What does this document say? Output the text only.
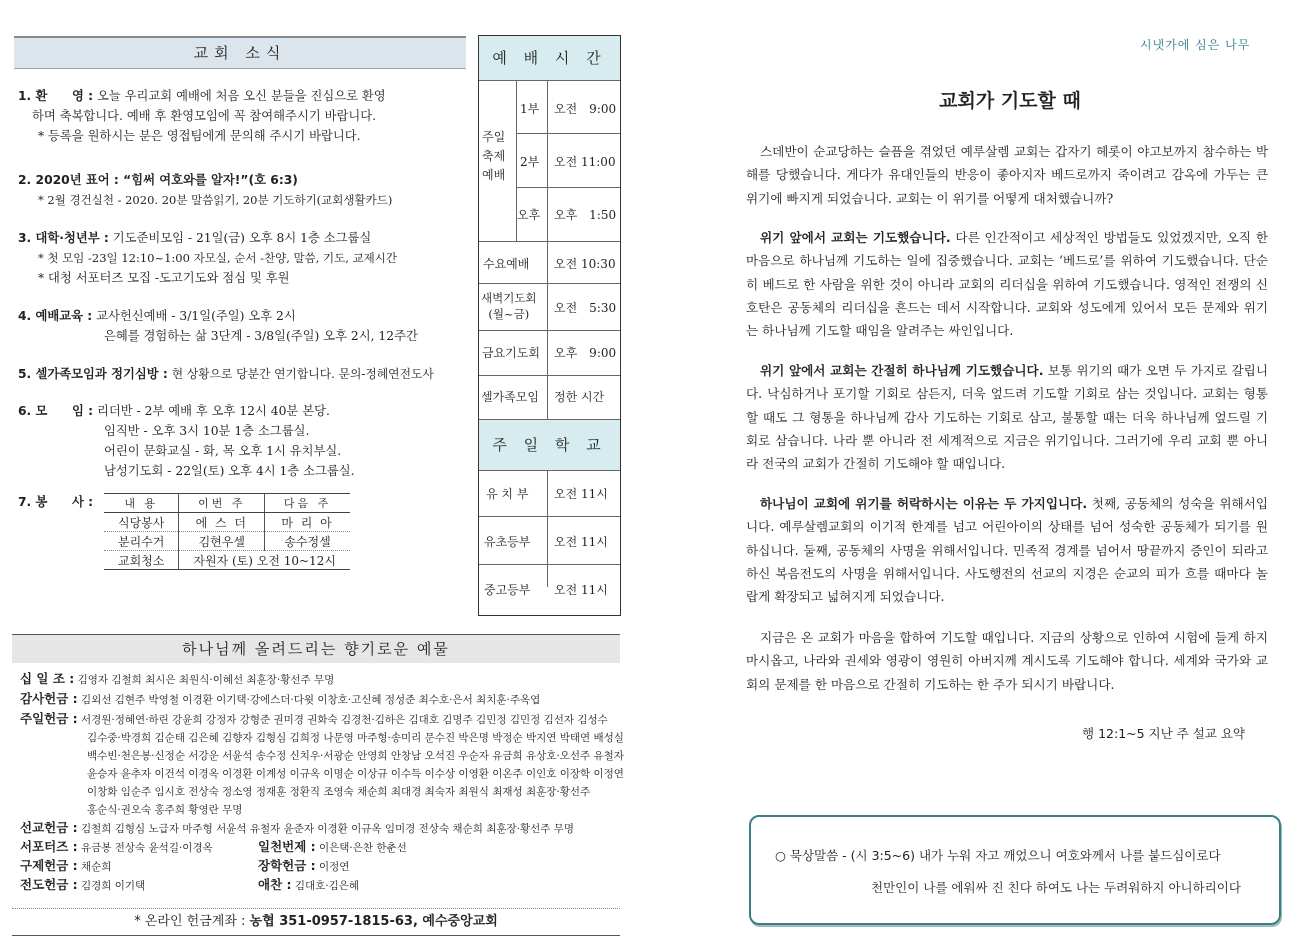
교회 소식
1. 환　　영 : 오늘 우리교회 예배에 처음 오신 분들을 진심으로 환영
하며 축복합니다. 예배 후 환영모임에 꼭 참여해주시기 바랍니다.
* 등록을 원하시는 분은 영접팀에게 문의해 주시기 바랍니다.
2. 2020년 표어 : “힘써 여호와를 알자!”(호 6:3)
* 2월 경건실천 - 2020. 20분 말씀읽기, 20분 기도하기(교회생활카드)
3. 대학·청년부 : 기도준비모임 - 21일(금) 오후 8시 1층 소그룹실
* 첫 모임 -23일 12:10~1:00 자모실, 순서 -찬양, 말씀, 기도, 교제시간
* 대청 서포터즈 모집 -도고기도와 점심 및 후원
4. 예배교육 : 교사헌신예배 - 3/1일(주일) 오후 2시
은혜를 경험하는 삶 3단계 - 3/8일(주일) 오후 2시, 12주간
5. 셀가족모임과 정기심방 : 현 상황으로 당분간 연기합니다. 문의-정혜연전도사
6. 모　　임 : 리더반 - 2부 예배 후 오후 12시 40분 본당.
임직반 - 오후 3시 10분 1층 소그룹실.
어린이 문화교실 - 화, 목 오후 1시 유치부실.
남성기도회 - 22일(토) 오후 4시 1층 소그룹실.
7. 봉　　사 :	내 용	이번 주	다음 주
식당봉사	에 스 더	마 리 아
분리수거	김현우셀	송수정셀
교회청소	자원자 (토) 오전 10~12시	
예 배 시 간
주일
축제
예배
1부 오전　9:00
2부 오전 11:00
오후 오후　1:50
수요예배 오전 10:30
새벽기도회
(월~금)	오전　5:30
금요기도회 오후　9:00
셀가족모임 정한 시간
주 일 학 교
유 치 부 오전 11시
유초등부 오전 11시
중고등부 오전 11시
하나님께 올려드리는 향기로운 예물
십 일 조 : 김영자 김철희 최시은 최원식·이혜선 최훈장·황선주 무명
감사헌금 : 김외선 김현주 박영철 이경환 이기택·강에스더·다윗 이창호·고신혜 정성준 최수호·은서 최치훈·주옥엽
주일헌금 : 서경원·정혜연·하린 강윤희 강정자 강형준 권미경 권화숙 김경천·김하은 김대호 김명주 김민정 김민정 김선자 김성수
김수중·박경희 김순태 김은혜 김향자 김형심 김희정 나문영 마주형·송미리 문수진 박은명 박정순 박지연 박태연 배성실
백수빈·천은봉·신정순 서강운 서윤석 송수정 신치우·서광순 안영희 안창남 오석진 우순자 유금희 유상호·오선주 유철자
윤승자 윤추자 이건석 이경옥 이경환 이계성 이규옥 이명순 이상규 이수득 이수상 이영환 이온주 이인호 이장학 이정연
이창화 임순주 임시호 전상숙 정소영 정재훈 정환직 조영숙 채순희 최대경 최숙자 최원식 최재성 최훈장·황선주
홍순식·권오숙 홍주희 황영란 무명
선교헌금 : 김철희 김형심 노급자 마주형 서윤석 유철자 윤준자 이경환 이규옥 임미경 전상숙 채순희 최훈장·황선주 무명
서포터즈 : 유금봉 전상숙 윤석길·이경옥	일천번제 : 이은택·은찬 한춘선
구제헌금 : 채순희	장학헌금 : 이정연
전도헌금 : 김경희 이기택	애찬 : 김대호·김은혜
* 온라인 헌금계좌 : 농협 351-0957-1815-63, 예수중앙교회
시냇가에 심은 나무
교회가 기도할 때
스데반이 순교당하는 슬픔을 겪었던 예루살렘 교회는 갑자기 헤롯이 야고보까지 참수하는 박해를 당했습니다. 게다가 유대인들의 반응이 좋아지자 베드로까지 죽이려고 감옥에 가두는 큰 위기에 빠지게 되었습니다. 교회는 이 위기를 어떻게 대처했습니까?
위기 앞에서 교회는 기도했습니다. 다른 인간적이고 세상적인 방법들도 있었겠지만, 오직 한 마음으로 하나님께 기도하는 일에 집중했습니다. 교회는 ‘베드로’를 위하여 기도했습니다. 단순히 베드로 한 사람을 위한 것이 아니라 교회의 리더십을 위하여 기도했습니다. 영적인 전쟁의 신호탄은 공동체의 리더십을 흔드는 데서 시작합니다. 교회와 성도에게 있어서 모든 문제와 위기는 하나님께 기도할 때임을 알려주는 싸인입니다.
위기 앞에서 교회는 간절히 하나님께 기도했습니다. 보통 위기의 때가 오면 두 가지로 갈립니다. 낙심하거나 포기할 기회로 삼든지, 더욱 엎드려 기도할 기회로 삼는 것입니다. 교회는 형통할 때도 그 형통을 하나님께 감사 기도하는 기회로 삼고, 불통할 때는 더욱 하나님께 엎드릴 기회로 삼습니다. 나라 뿐 아니라 전 세계적으로 지금은 위기입니다. 그러기에 우리 교회 뿐 아니라 전국의 교회가 간절히 기도해야 할 때입니다.
하나님이 교회에 위기를 허락하시는 이유는 두 가지입니다. 첫째, 공동체의 성숙을 위해서입니다. 예루살렘교회의 이기적 한계를 넘고 어린아이의 상태를 넘어 성숙한 공동체가 되기를 원하십니다. 둘째, 공동체의 사명을 위해서입니다. 민족적 경계를 넘어서 땅끝까지 증인이 되라고 하신 복음전도의 사명을 위해서입니다. 사도행전의 선교의 지경은 순교의 피가 흐를 때마다 놀랍게 확장되고 넓혀지게 되었습니다.
지금은 온 교회가 마음을 합하여 기도할 때입니다. 지금의 상황으로 인하여 시험에 들게 하지 마시옵고, 나라와 권세와 영광이 영원히 아버지께 계시도록 기도해야 합니다. 세계와 국가와 교회의 문제를 한 마음으로 간절히 기도하는 한 주가 되시기 바랍니다.
행 12:1~5 지난 주 설교 요약
○ 묵상말씀 - (시 3:5~6) 내가 누워 자고 깨었으니 여호와께서 나를 붙드심이로다
천만인이 나를 에워싸 진 친다 하여도 나는 두려워하지 아니하리이다
